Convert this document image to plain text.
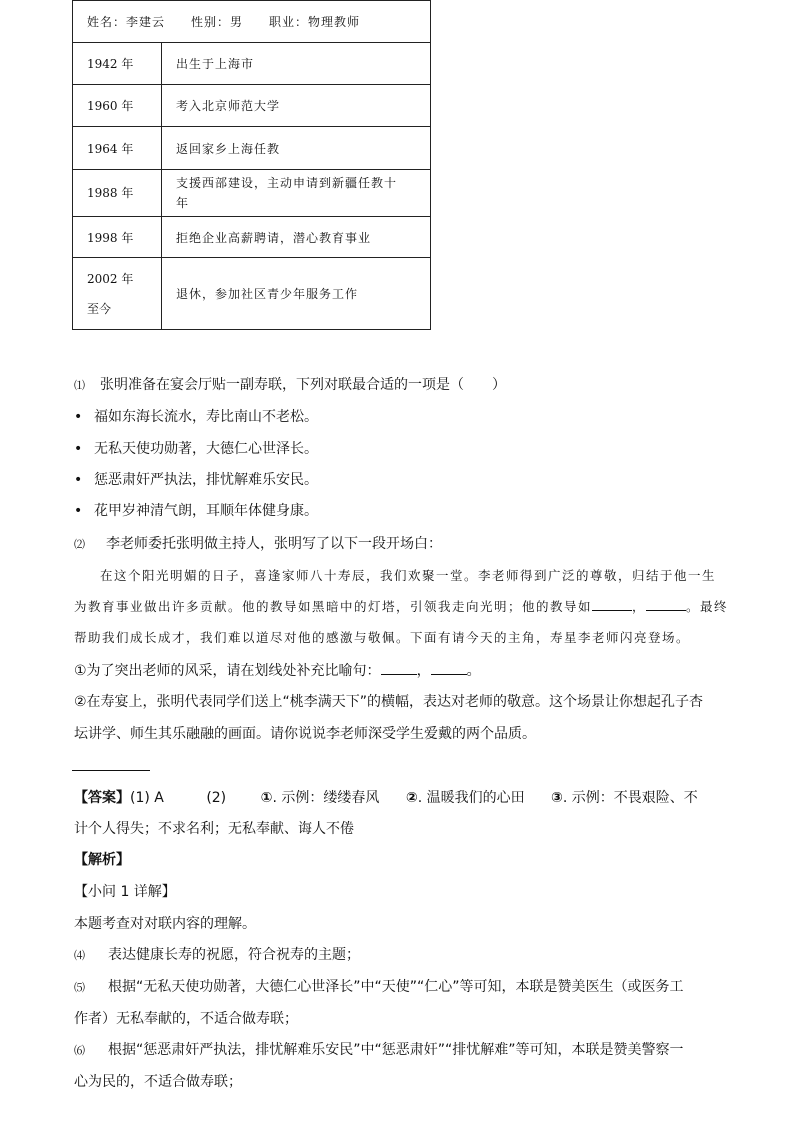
姓名：李建云　　性别：男　　职业：物理教师	
1942 年	出生于上海市
1960 年	考入北京师范大学
1964 年	返回家乡上海任教
1988 年	支援西部建设，主动申请到新疆任教十
年

1998 年	拒绝企业高薪聘请，潜心教育事业

2002 年
至今	退休，参加社区青少年服务工作
⑴ 张明准备在宴会厅贴一副寿联，下列对联最合适的一项是（　　）
• 福如东海长流水，寿比南山不老松。
• 无私天使功勋著，大德仁心世泽长。
• 惩恶肃奸严执法，排忧解难乐安民。
• 花甲岁神清气朗，耳顺年体健身康。
⑵ 李老师委托张明做主持人，张明写了以下一段开场白：
在这个阳光明媚的日子，喜逢家师八十寿辰，我们欢聚一堂。李老师得到广泛的尊敬，归结于他一生
为教育事业做出许多贡献。他的教导如黑暗中的灯塔，引领我走向光明；他的教导如	，	。最终
帮助我们成长成才，我们难以道尽对他的感激与敬佩。下面有请今天的主角，寿星李老师闪亮登场。
①为了突出老师的风采，请在划线处补充比喻句：	，	。
②在寿宴上，张明代表同学们送上“桃李满天下”的横幅，表达对老师的敬意。这个场景让你想起孔子杏
坛讲学、师生其乐融融的画面。请你说说李老师深受学生爱戴的两个品质。
【答案】(1) A	(2) ①. 示例：缕缕春风 ②. 温暖我们的心田 ③. 示例：不畏艰险、不
计个人得失；不求名利；无私奉献、诲人不倦
【解析】
【小问 1 详解】
本题考查对对联内容的理解。
⑷ 表达健康长寿的祝愿，符合祝寿的主题；
⑸ 根据“无私天使功勋著，大德仁心世泽长”中“天使”“仁心”等可知，本联是赞美医生（或医务工
作者）无私奉献的，不适合做寿联；
⑹ 根据“惩恶肃奸严执法，排忧解难乐安民”中“惩恶肃奸”“排忧解难”等可知，本联是赞美警察一
心为民的，不适合做寿联；
